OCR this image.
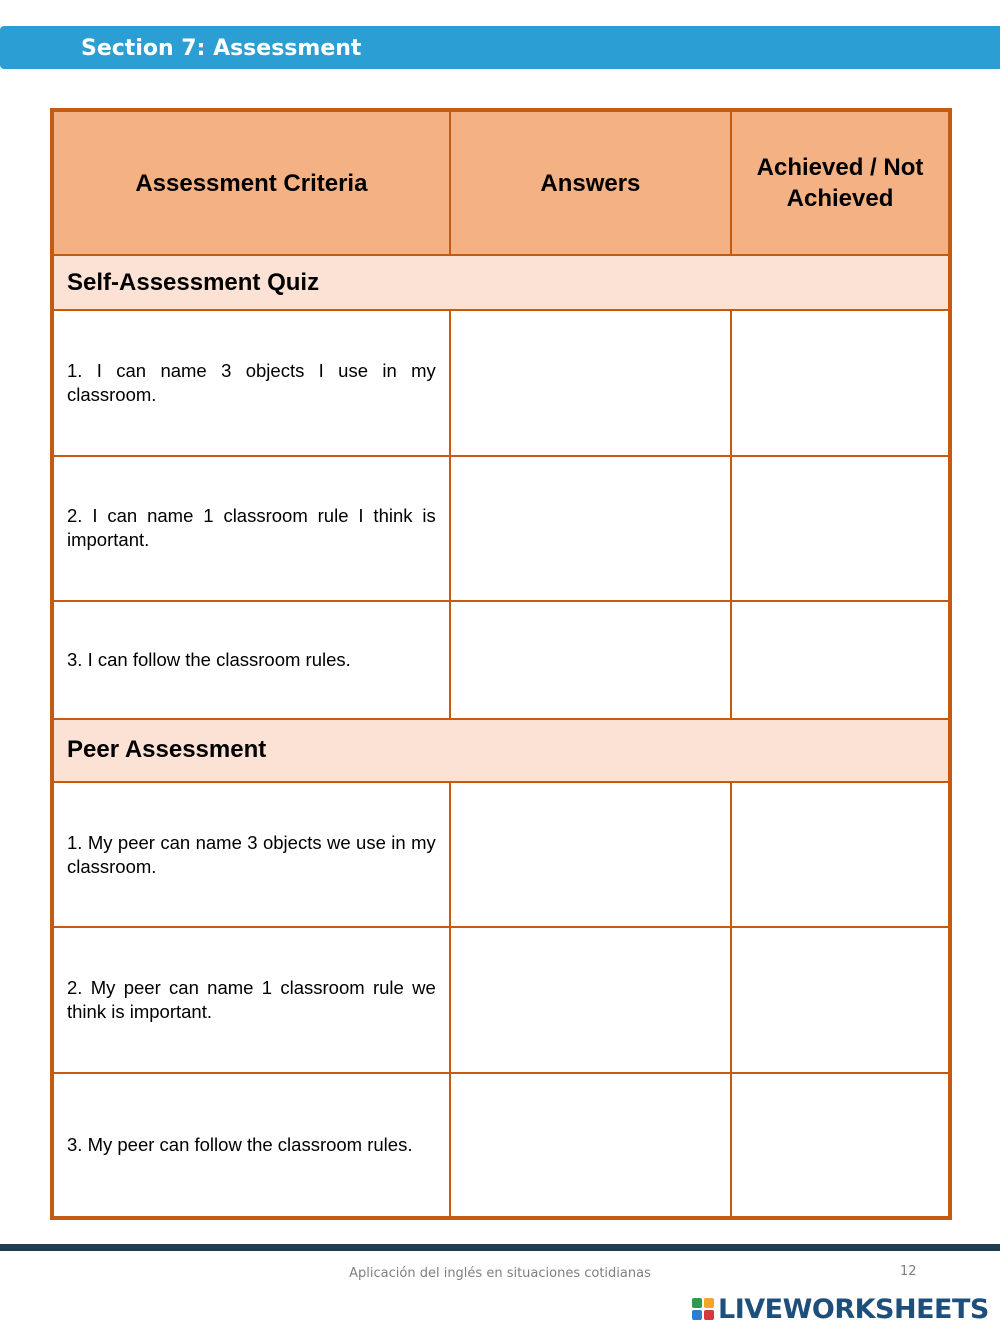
Section 7: Assessment
Assessment Criteria	Answers	Achieved / Not Achieved
Self-Assessment Quiz		
1. I can name 3 objects I use in my classroom.		
2. I can name 1 classroom rule I think is important.		
3. I can follow the classroom rules.		
Peer Assessment		
1. My peer can name 3 objects we use in my classroom.		
2. My peer can name 1 classroom rule we think is important.		
3. My peer can follow the classroom rules.		
Aplicación del inglés en situaciones cotidianas	12
LIVEWORKSHEETS
